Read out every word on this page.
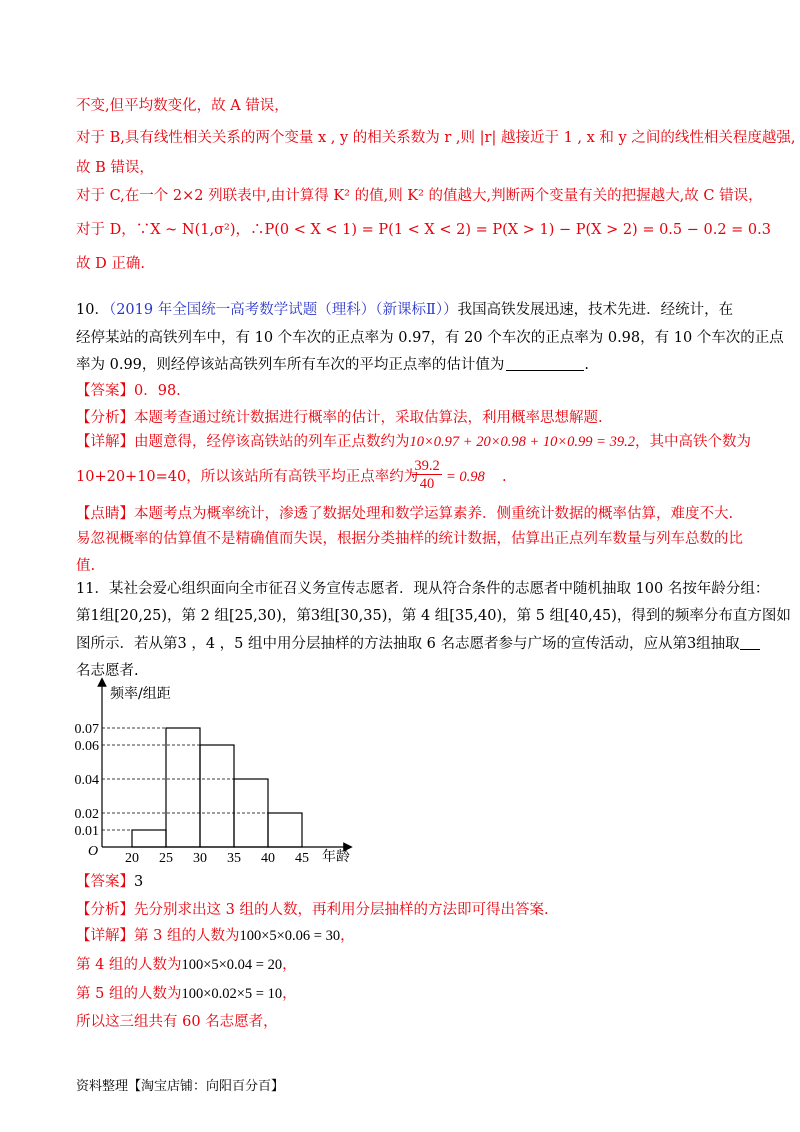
不变,但平均数变化，故 A 错误，
对于 B,具有线性相关关系的两个变量 x , y 的相关系数为 r ,则 |r| 越接近于 1 , x 和 y 之间的线性相关程度越强,
故 B 错误，
对于 C,在一个 2×2 列联表中,由计算得 K² 的值,则 K² 的值越大,判断两个变量有关的把握越大,故 C 错误，
对于 D，∵X ~ N(1,σ²)，∴P(0 < X < 1) = P(1 < X < 2) = P(X > 1) − P(X > 2) = 0.5 − 0.2 = 0.3
故 D 正确.
10．（2019 年全国统一高考数学试题（理科）（新课标Ⅱ））我国高铁发展迅速，技术先进．经统计，在
经停某站的高铁列车中，有 10 个车次的正点率为 0.97，有 20 个车次的正点率为 0.98，有 10 个车次的正点
率为 0.99，则经停该站高铁列车所有车次的平均正点率的估计值为	.
【答案】0．98.
【分析】本题考查通过统计数据进行概率的估计，采取估算法，利用概率思想解题.
【详解】由题意得，经停该高铁站的列车正点数约为10×0.97 + 20×0.98 + 10×0.99 = 39.2，其中高铁个数为
10+20+10=40，所以该站所有高铁平均正点率约为
$\frac{39.2}{40} = 0.98$ .
【点睛】本题考点为概率统计，渗透了数据处理和数学运算素养．侧重统计数据的概率估算，难度不大.
易忽视概率的估算值不是精确值而失误，根据分类抽样的统计数据，估算出正点列车数量与列车总数的比
值.
11．某社会爱心组织面向全市征召义务宣传志愿者．现从符合条件的志愿者中随机抽取 100 名按年龄分组：
第1组[20,25)，第 2 组[25,30)，第3组[30,35)，第 4 组[35,40)，第 5 组[40,45)，得到的频率分布直方图如
图所示．若从第3 ，4 ，5 组中用分层抽样的方法抽取 6 名志愿者参与广场的宣传活动，应从第3组抽取
名志愿者.
频率/组距
年龄
O 20 25 30 35 40 45
0.01
0.02
0.04
0.06
0.07
【答案】3
【分析】先分别求出这 3 组的人数，再利用分层抽样的方法即可得出答案.
【详解】第 3 组的人数为100×5×0.06 = 30，
第 4 组的人数为100×5×0.04 = 20，
第 5 组的人数为100×0.02×5 = 10，
所以这三组共有 60 名志愿者，
资料整理【淘宝店铺：向阳百分百】
